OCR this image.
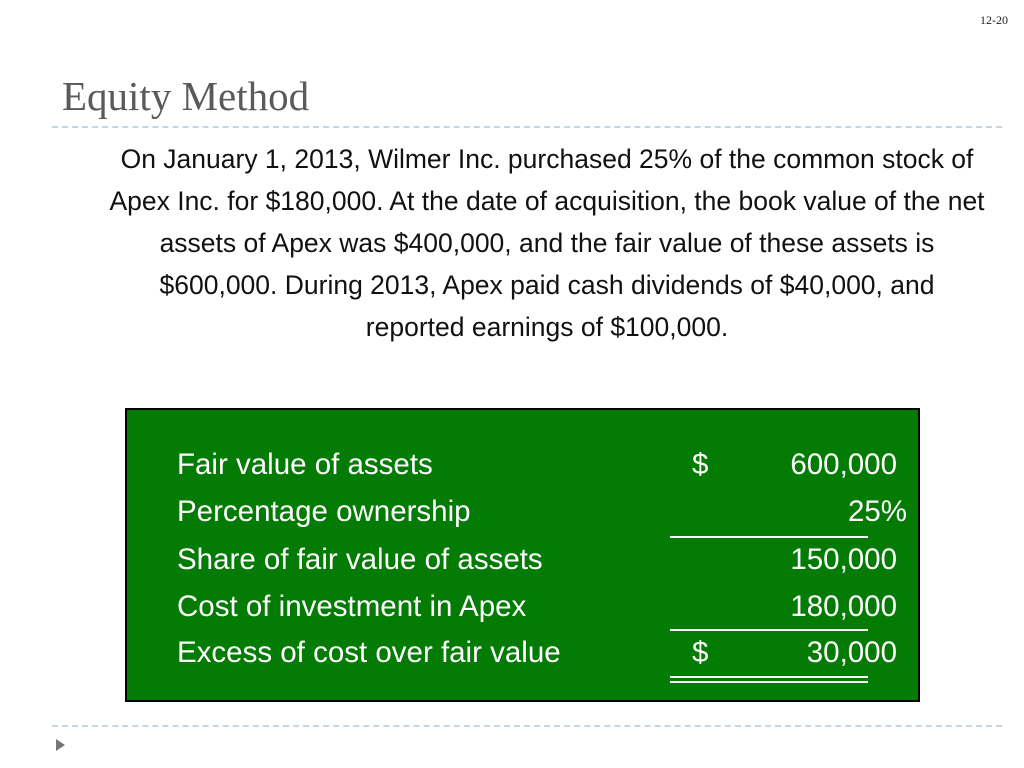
12-20
Equity Method

On January 1, 2013, Wilmer Inc. purchased 25% of the common stock of Apex Inc. for $180,000. At the date of acquisition, the book value of the net assets of Apex was $400,000, and the fair value of these assets is $600,000. During 2013, Apex paid cash dividends of $40,000, and reported earnings of $100,000.

Fair value of assets	$	600,000
Percentage ownership	25%
Share of fair value of assets	150,000
Cost of investment in Apex	180,000
Excess of cost over fair value	$	30,000
